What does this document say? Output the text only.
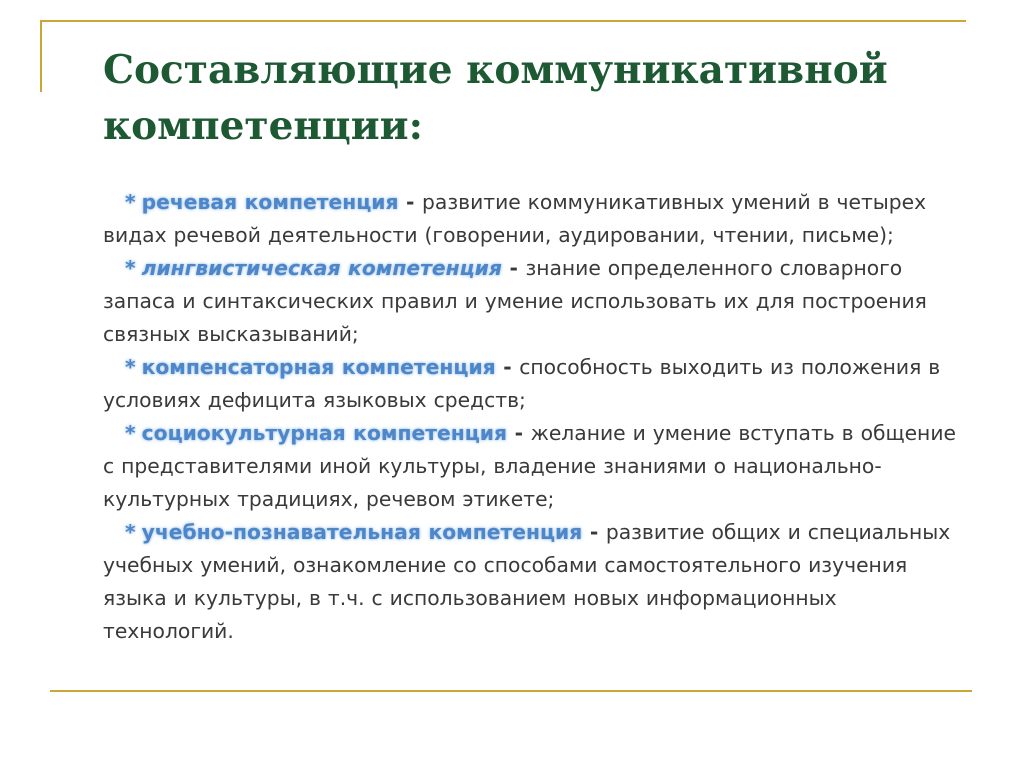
Составляющие коммуникативной компетенции:

* речевая компетенция - развитие коммуникативных умений в четырех видах речевой деятельности (говорении, аудировании, чтении, письме);

* лингвистическая компетенция - знание определенного словарного запаса и синтаксических правил и умение использовать их для построения связных высказываний;

* компенсаторная компетенция - способность выходить из положения в условиях дефицита языковых средств;

* социокультурная компетенция - желание и умение вступать в общение с представителями иной культуры, владение знаниями о национально-культурных традициях, речевом этикете;

* учебно-познавательная компетенция - развитие общих и специальных учебных умений, ознакомление со способами самостоятельного изучения языка и культуры, в т.ч. с использованием новых информационных технологий.
